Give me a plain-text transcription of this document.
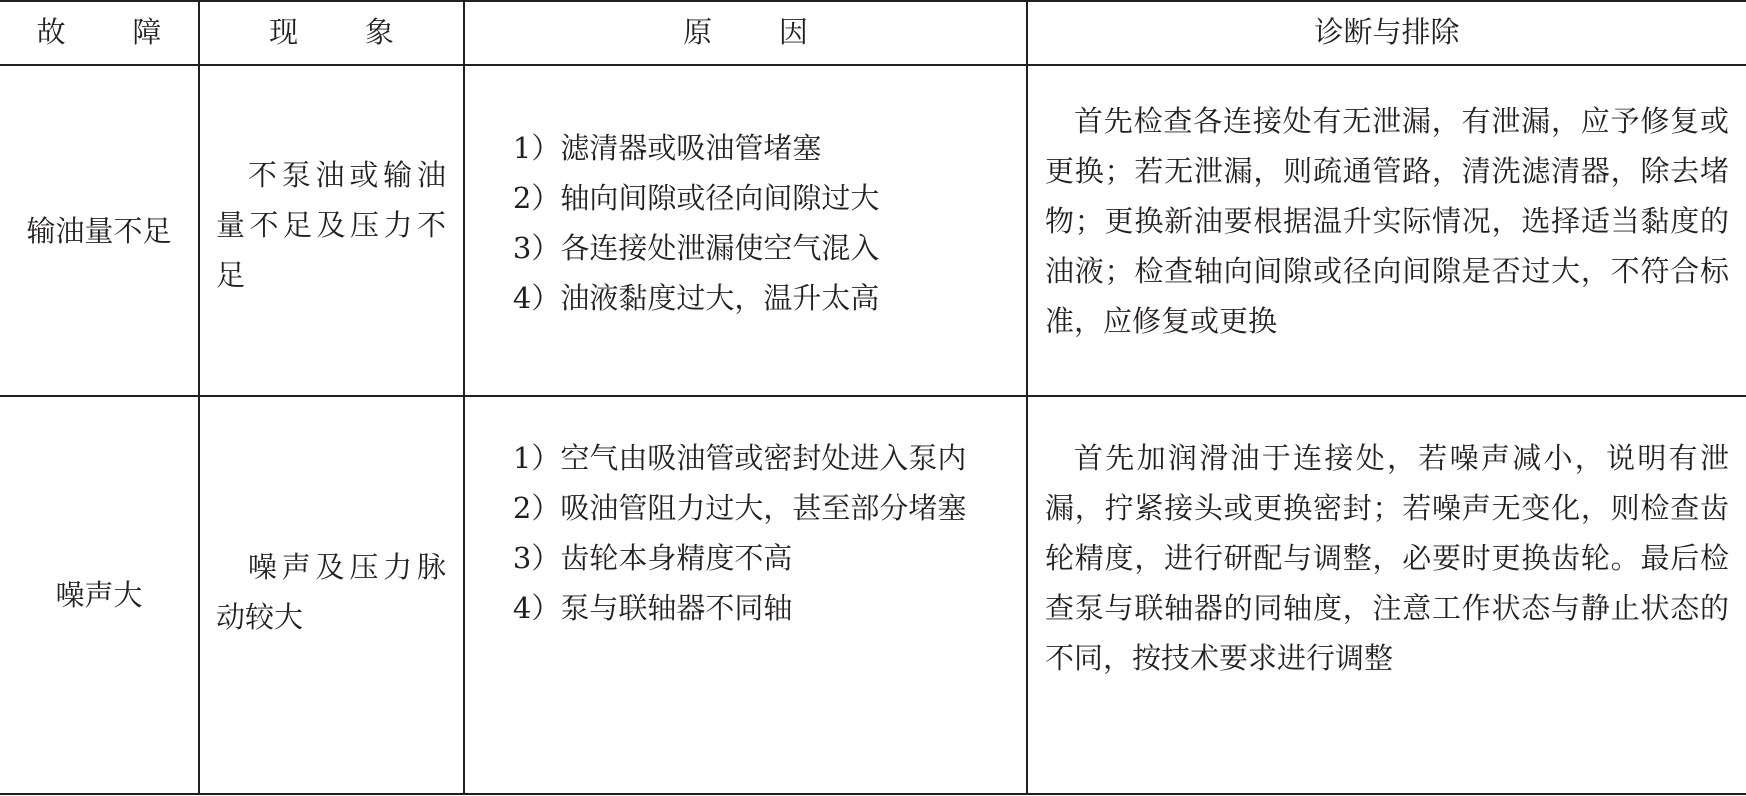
故障 现象	原因	诊断与排除
输油量不足

不泵油或输油量不足及压力不足

1）滤清器或吸油管堵塞

2）轴向间隙或径向间隙过大

3）各连接处泄漏使空气混入

4）油液黏度过大，温升太高

首先检查各连接处有无泄漏，有泄漏，应予修复或更换；若无泄漏，则疏通管路，清洗滤清器，除去堵物；更换新油要根据温升实际情况，选择适当黏度的油液；检查轴向间隙或径向间隙是否过大，不符合标准，应修复或更换

噪声大

噪声及压力脉动较大

1）空气由吸油管或密封处进入泵内

2）吸油管阻力过大，甚至部分堵塞

3）齿轮本身精度不高

4）泵与联轴器不同轴

首先加润滑油于连接处，若噪声减小，说明有泄漏，拧紧接头或更换密封；若噪声无变化，则检查齿轮精度，进行研配与调整，必要时更换齿轮。最后检查泵与联轴器的同轴度，注意工作状态与静止状态的不同，按技术要求进行调整
